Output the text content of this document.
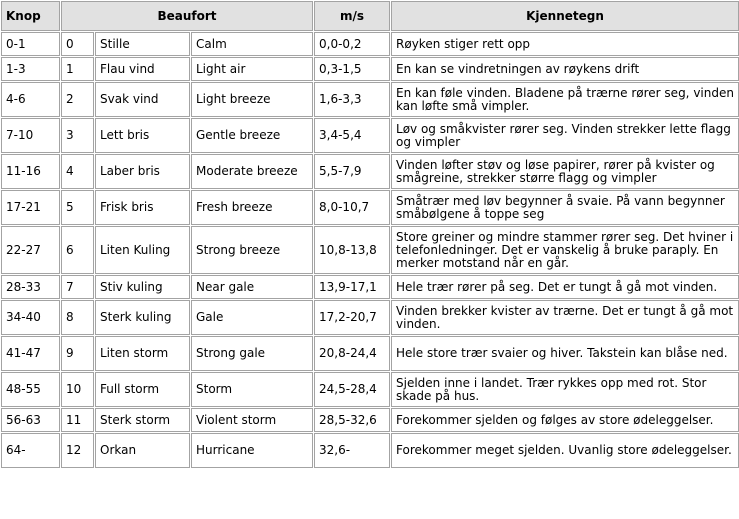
Knop	Beaufort			m/s	Kjennetegn
0-1	0	Stille	Calm	0,0-0,2	Røyken stiger rett opp
1-3	1	Flau vind	Light air	0,3-1,5	En kan se vindretningen av røykens drift
4-6	2	Svak vind	Light breeze	1,6-3,3	En kan føle vinden. Bladene på trærne rører seg, vinden kan løfte små vimpler.
7-10	3	Lett bris	Gentle breeze	3,4-5,4	Løv og småkvister rører seg. Vinden strekker lette flagg og vimpler
11-16	4	Laber bris	Moderate breeze	5,5-7,9	Vinden løfter støv og løse papirer, rører på kvister og smågreine, strekker større flagg og vimpler
17-21	5	Frisk bris	Fresh breeze	8,0-10,7	Småtrær med løv begynner å svaie. På vann begynner småbølgene å toppe seg
22-27	6	Liten Kuling	Strong breeze	10,8-13,8	Store greiner og mindre stammer rører seg. Det hviner i telefonledninger. Det er vanskelig å bruke paraply. En merker motstand når en går.
28-33	7	Stiv kuling	Near gale	13,9-17,1	Hele trær rører på seg. Det er tungt å gå mot vinden.
34-40	8	Sterk kuling	Gale	17,2-20,7	Vinden brekker kvister av trærne. Det er tungt å gå mot vinden.
41-47	9	Liten storm	Strong gale	20,8-24,4	Hele store trær svaier og hiver. Takstein kan blåse ned.
48-55	10	Full storm	Storm	24,5-28,4	Sjelden inne i landet. Trær rykkes opp med rot. Stor skade på hus.
56-63	11	Sterk storm	Violent storm	28,5-32,6	Forekommer sjelden og følges av store ødeleggelser.
64-	12	Orkan	Hurricane	32,6-	Forekommer meget sjelden. Uvanlig store ødeleggelser.
